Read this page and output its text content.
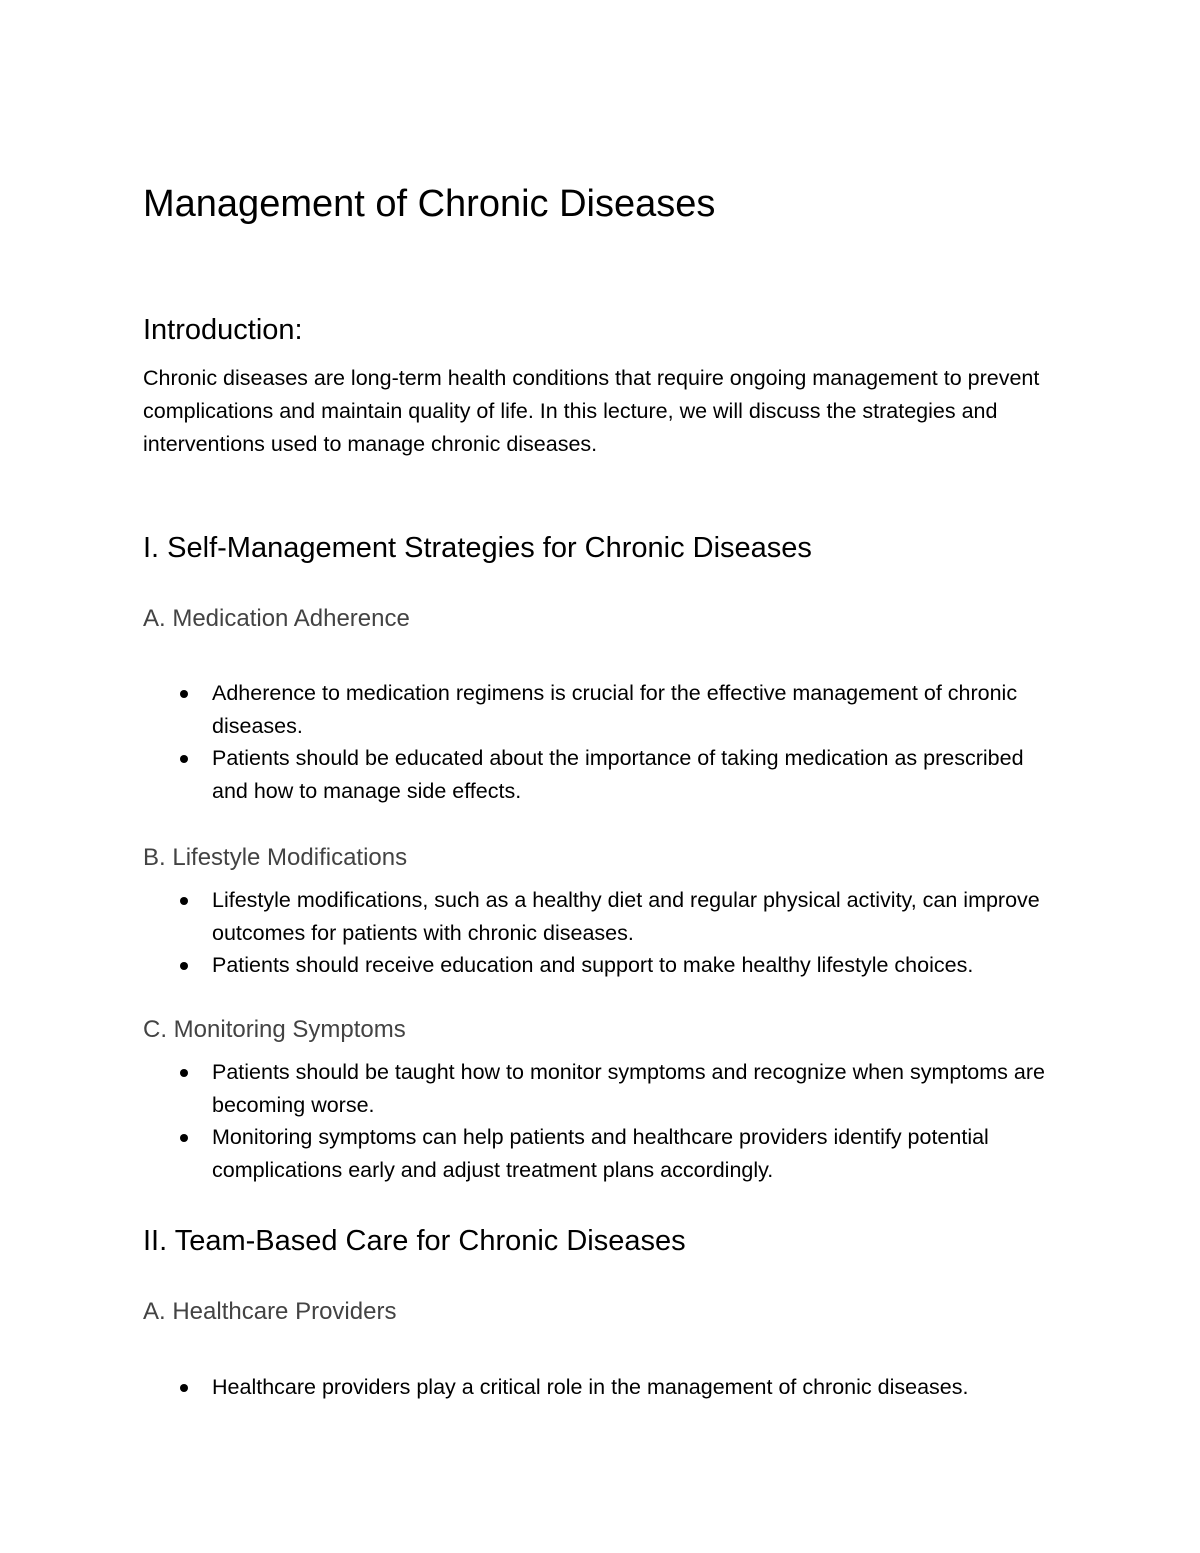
Management of Chronic Diseases
Introduction:

Chronic diseases are long-term health conditions that require ongoing management to prevent complications and maintain quality of life. In this lecture, we will discuss the strategies and interventions used to manage chronic diseases.

I. Self-Management Strategies for Chronic Diseases
A. Medication Adherence
Adherence to medication regimens is crucial for the effective management of chronic diseases.
Patients should be educated about the importance of taking medication as prescribed and how to manage side effects.
B. Lifestyle Modifications
Lifestyle modifications, such as a healthy diet and regular physical activity, can improve outcomes for patients with chronic diseases.
Patients should receive education and support to make healthy lifestyle choices.
C. Monitoring Symptoms
Patients should be taught how to monitor symptoms and recognize when symptoms are becoming worse.
Monitoring symptoms can help patients and healthcare providers identify potential complications early and adjust treatment plans accordingly.
II. Team-Based Care for Chronic Diseases
A. Healthcare Providers
Healthcare providers play a critical role in the management of chronic diseases.
